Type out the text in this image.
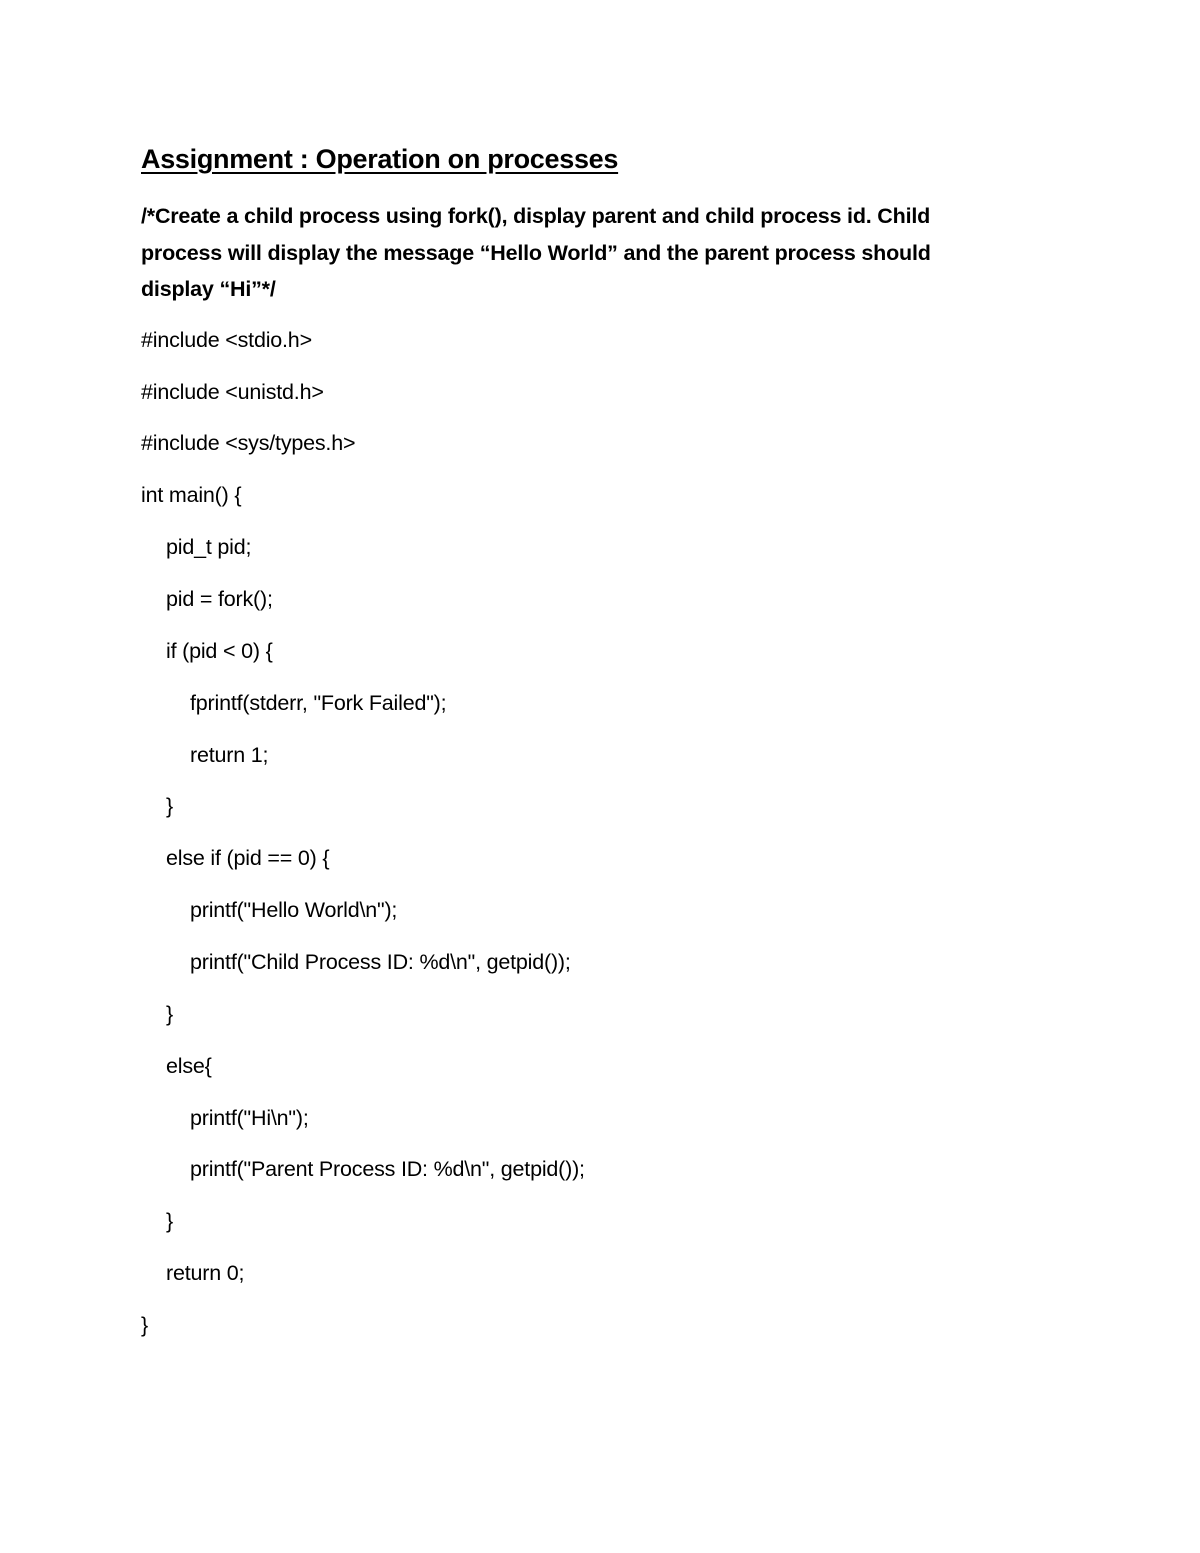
Assignment : Operation on processes
/*Create a child process using fork(), display parent and child process id. Child
process will display the message “Hello World” and the parent process should
display “Hi”*/
#include <stdio.h>
#include <unistd.h>
#include <sys/types.h>
int main() {
pid_t pid;
pid = fork();
if (pid < 0) {
fprintf(stderr, "Fork Failed");
return 1;
}
else if (pid == 0) {
printf("Hello World\n");
printf("Child Process ID: %d\n", getpid());
}
else{
printf("Hi\n");
printf("Parent Process ID: %d\n", getpid());
}
return 0;
}
